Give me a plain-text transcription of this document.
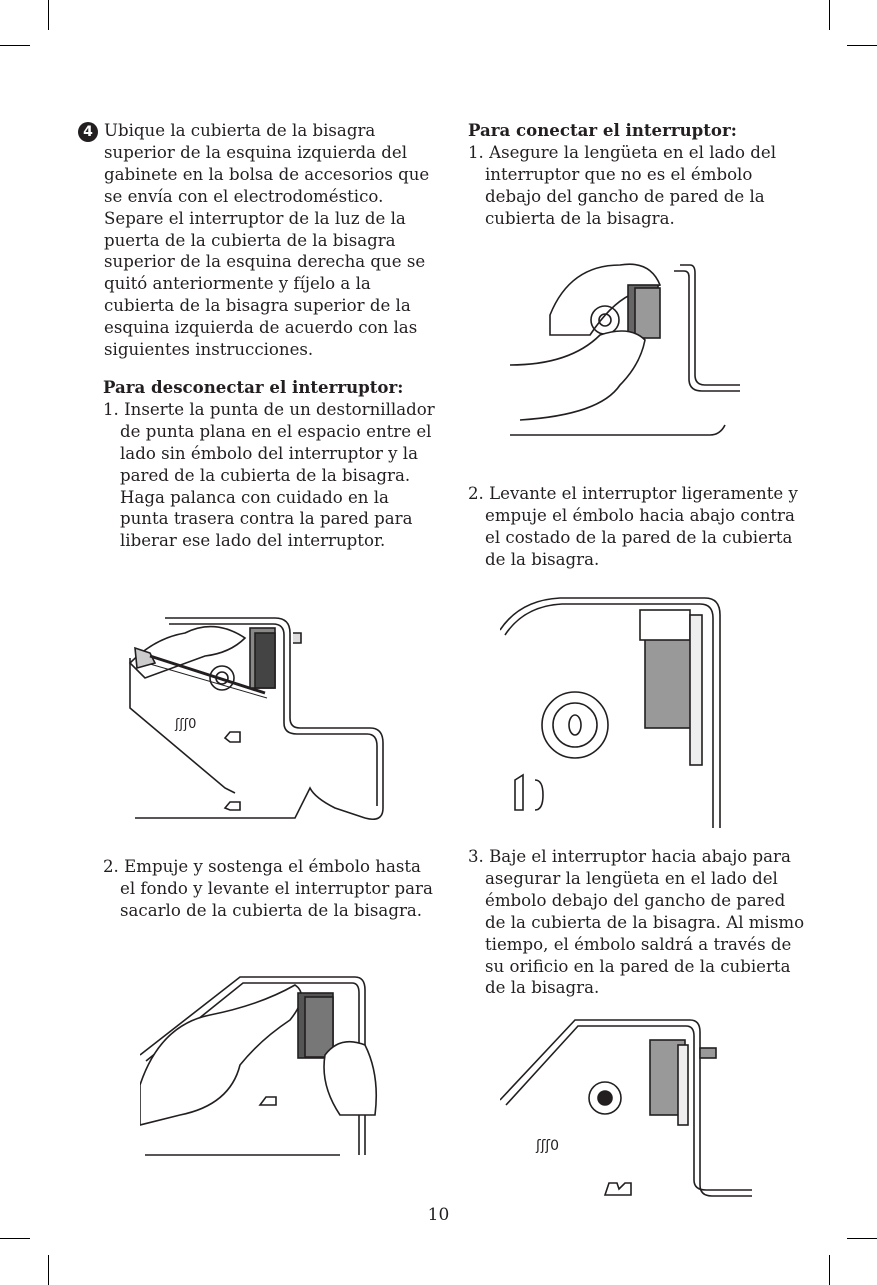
4 Ubique la cubierta de la bisagra superior de la esquina izquierda del gabinete en la bolsa de accesorios que se envía con el electrodoméstico. Separe el interruptor de la luz de la puerta de la cubierta de la bisagra superior de la esquina derecha que se quitó anteriormente y fíjelo a la cubierta de la bisagra superior de la esquina izquierda de acuerdo con las siguientes instrucciones.

Para desconectar el interruptor:
1. Inserte la punta de un destornillador de punta plana en el espacio entre el lado sin émbolo del interruptor y la pared de la cubierta de la bisagra. Haga palanca con cuidado en la punta trasera contra la pared para liberar ese lado del interruptor.
ʃʃʃ0
2. Empuje y sostenga el émbolo hasta el fondo y levante el interruptor para sacarlo de la cubierta de la bisagra.
Para conectar el interruptor:
1. Asegure la lengüeta en el lado del interruptor que no es el émbolo debajo del gancho de pared de la cubierta de la bisagra.
2. Levante el interruptor ligeramente y empuje el émbolo hacia abajo contra el costado de la pared de la cubierta de la bisagra.
3. Baje el interruptor hacia abajo para asegurar la lengüeta en el lado del émbolo debajo del gancho de pared de la cubierta de la bisagra. Al mismo tiempo, el émbolo saldrá a través de su orificio en la pared de la cubierta de la bisagra.
ʃʃʃ0
10
